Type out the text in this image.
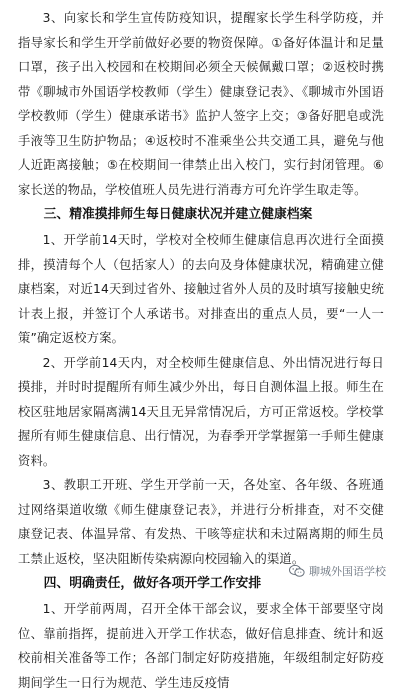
3、向家长和学生宣传防疫知识，提醒家长学生科学防疫，并指导家长和学生开学前做好必要的物资保障。①备好体温计和足量口罩，孩子出入校园和在校期间必须全天候佩戴口罩；②返校时携带《聊城市外国语学校教师（学生）健康登记表》、《聊城市外国语学校教师（学生）健康承诺书》监护人签字上交；③备好肥皂或洗手液等卫生防护物品；④返校时不准乘坐公共交通工具，避免与他人近距离接触；⑤在校期间一律禁止出入校门，实行封闭管理。⑥家长送的物品，学校值班人员先进行消毒方可允许学生取走等。

三、精准摸排师生每日健康状况并建立健康档案

1、开学前14天时，学校对全校师生健康信息再次进行全面摸排，摸清每个人（包括家人）的去向及身体健康状况，精确建立健康档案，对近14天到过省外、接触过省外人员的及时填写接触史统计表上报，并签订个人承诺书。对排查出的重点人员，要“一人一策”确定返校方案。

2、开学前14天内，对全校师生健康信息、外出情况进行每日摸排，并时时提醒所有师生减少外出，每日自测体温上报。师生在校区驻地居家隔离满14天且无异常情况后，方可正常返校。学校掌握所有师生健康信息、出行情况，为春季开学掌握第一手师生健康资料。

3、教职工开班、学生开学前一天，各处室、各年级、各班通过网络渠道收缴《师生健康登记表》，并进行分析排查，对不交健康登记表、体温异常、有发热、干咳等症状和未过隔离期的师生员工禁止返校，坚决阻断传染病源向校园输入的渠道。

四、明确责任，做好各项开学工作安排

1、开学前两周，召开全体干部会议，要求全体干部要坚守岗位、靠前指挥，提前进入开学工作状态，做好信息排查、统计和返校前相关准备等工作；各部门制定好防疫措施，年级组制定好防疫期间学生一日行为规范、学生违反疫情

聊城外国语学校
